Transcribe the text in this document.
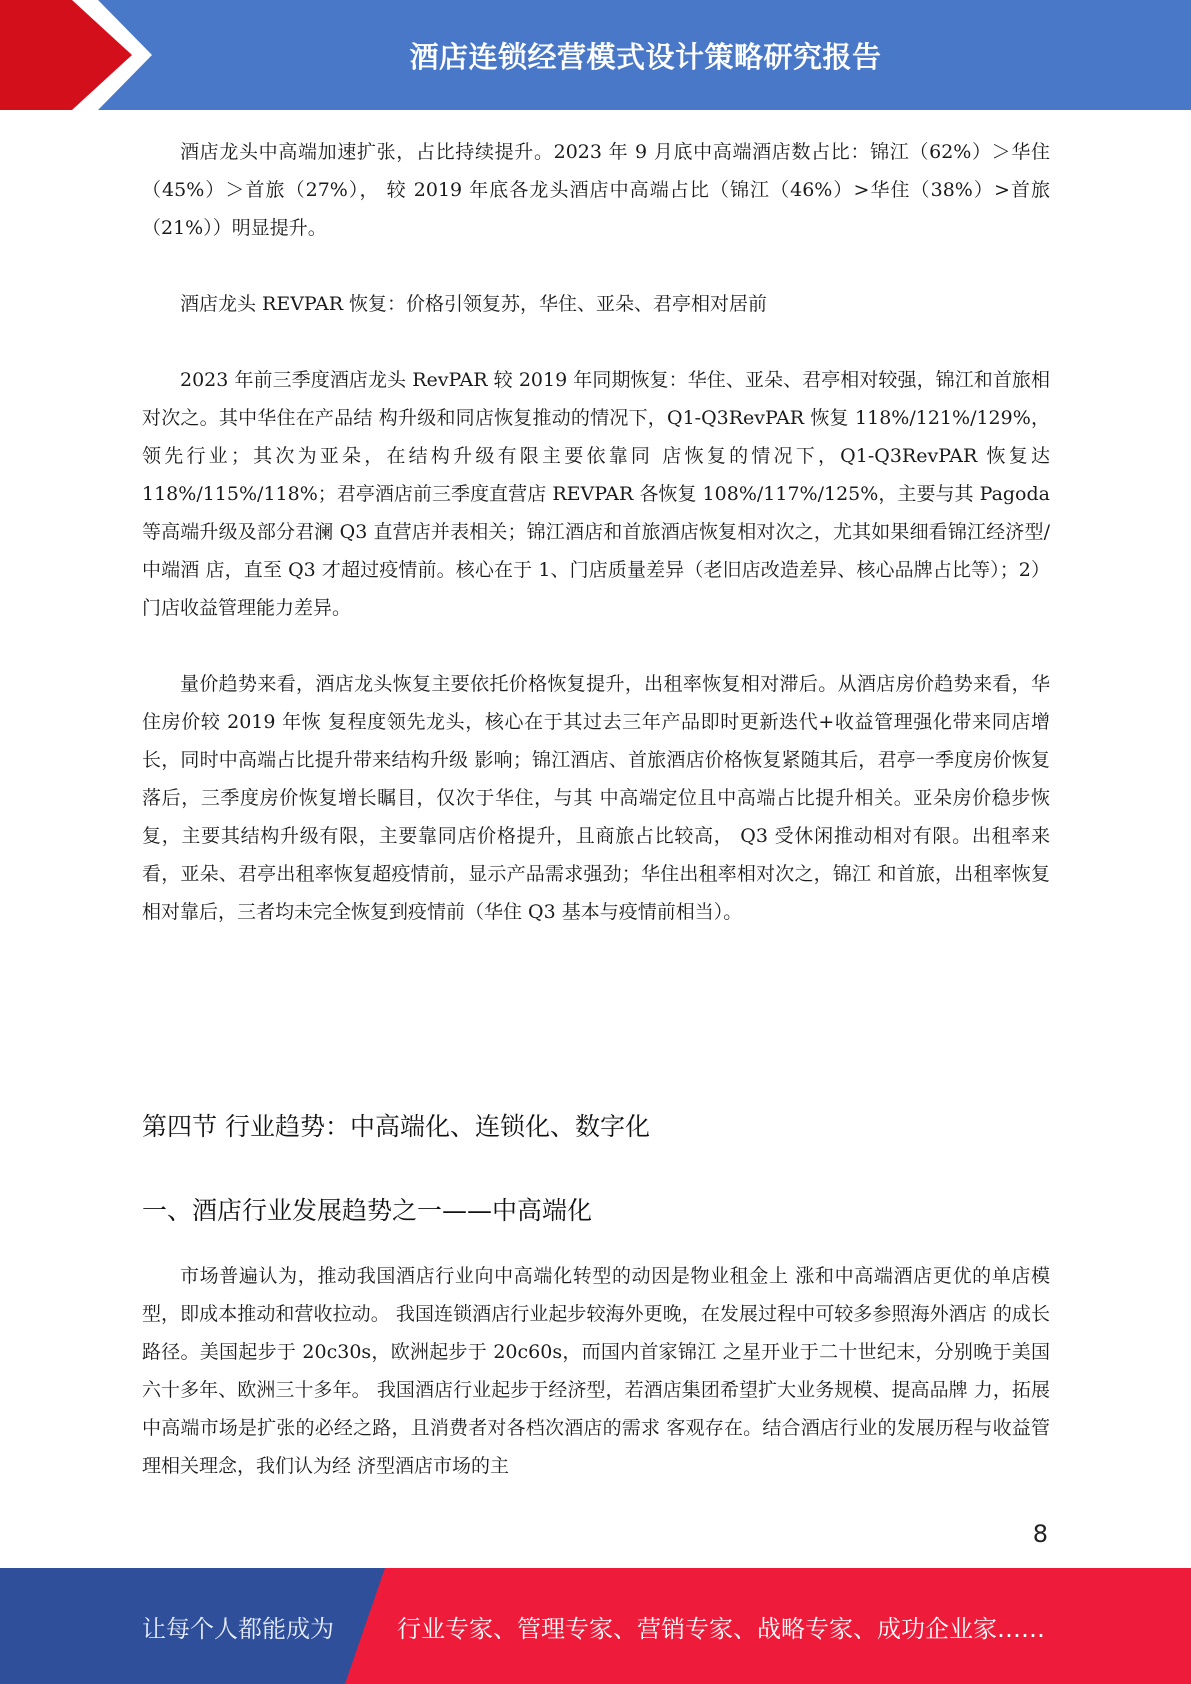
酒店连锁经营模式设计策略研究报告

酒店龙头中高端加速扩张，占比持续提升。2023 年 9 月底中高端酒店数占比：锦江（62%）＞华住（45%）＞首旅（27%）， 较 2019 年底各龙头酒店中高端占比（锦江（46%）>华住（38%）>首旅（21%））明显提升。

酒店龙头 REVPAR 恢复：价格引领复苏，华住、亚朵、君亭相对居前

2023 年前三季度酒店龙头 RevPAR 较 2019 年同期恢复：华住、亚朵、君亭相对较强，锦江和首旅相对次之。其中华住在产品结 构升级和同店恢复推动的情况下，Q1-Q3RevPAR 恢复 118%/121%/129%，领先行业；其次为亚朵，在结构升级有限主要依靠同 店恢复的情况下，Q1-Q3RevPAR 恢复达 118%/115%/118%；君亭酒店前三季度直营店 REVPAR 各恢复 108%/117%/125%，主要与其 Pagoda 等高端升级及部分君澜 Q3 直营店并表相关；锦江酒店和首旅酒店恢复相对次之，尤其如果细看锦江经济型/中端酒 店，直至 Q3 才超过疫情前。核心在于 1、门店质量差异（老旧店改造差异、核心品牌占比等）；2）门店收益管理能力差异。

量价趋势来看，酒店龙头恢复主要依托价格恢复提升，出租率恢复相对滞后。从酒店房价趋势来看，华住房价较 2019 年恢 复程度领先龙头，核心在于其过去三年产品即时更新迭代+收益管理强化带来同店增长，同时中高端占比提升带来结构升级 影响；锦江酒店、首旅酒店价格恢复紧随其后，君亭一季度房价恢复落后，三季度房价恢复增长瞩目，仅次于华住，与其 中高端定位且中高端占比提升相关。亚朵房价稳步恢复，主要其结构升级有限，主要靠同店价格提升，且商旅占比较高， Q3 受休闲推动相对有限。出租率来看，亚朵、君亭出租率恢复超疫情前，显示产品需求强劲；华住出租率相对次之，锦江 和首旅，出租率恢复相对靠后，三者均未完全恢复到疫情前（华住 Q3 基本与疫情前相当）。

第四节 行业趋势：中高端化、连锁化、数字化
一、酒店行业发展趋势之一——中高端化

市场普遍认为，推动我国酒店行业向中高端化转型的动因是物业租金上 涨和中高端酒店更优的单店模型，即成本推动和营收拉动。 我国连锁酒店行业起步较海外更晚，在发展过程中可较多参照海外酒店 的成长路径。美国起步于 20c30s，欧洲起步于 20c60s，而国内首家锦江 之星开业于二十世纪末，分别晚于美国六十多年、欧洲三十多年。 我国酒店行业起步于经济型，若酒店集团希望扩大业务规模、提高品牌 力，拓展中高端市场是扩张的必经之路，且消费者对各档次酒店的需求 客观存在。结合酒店行业的发展历程与收益管理相关理念，我们认为经 济型酒店市场的主

8
让每个人都能成为	行业专家、管理专家、营销专家、战略专家、成功企业家……
